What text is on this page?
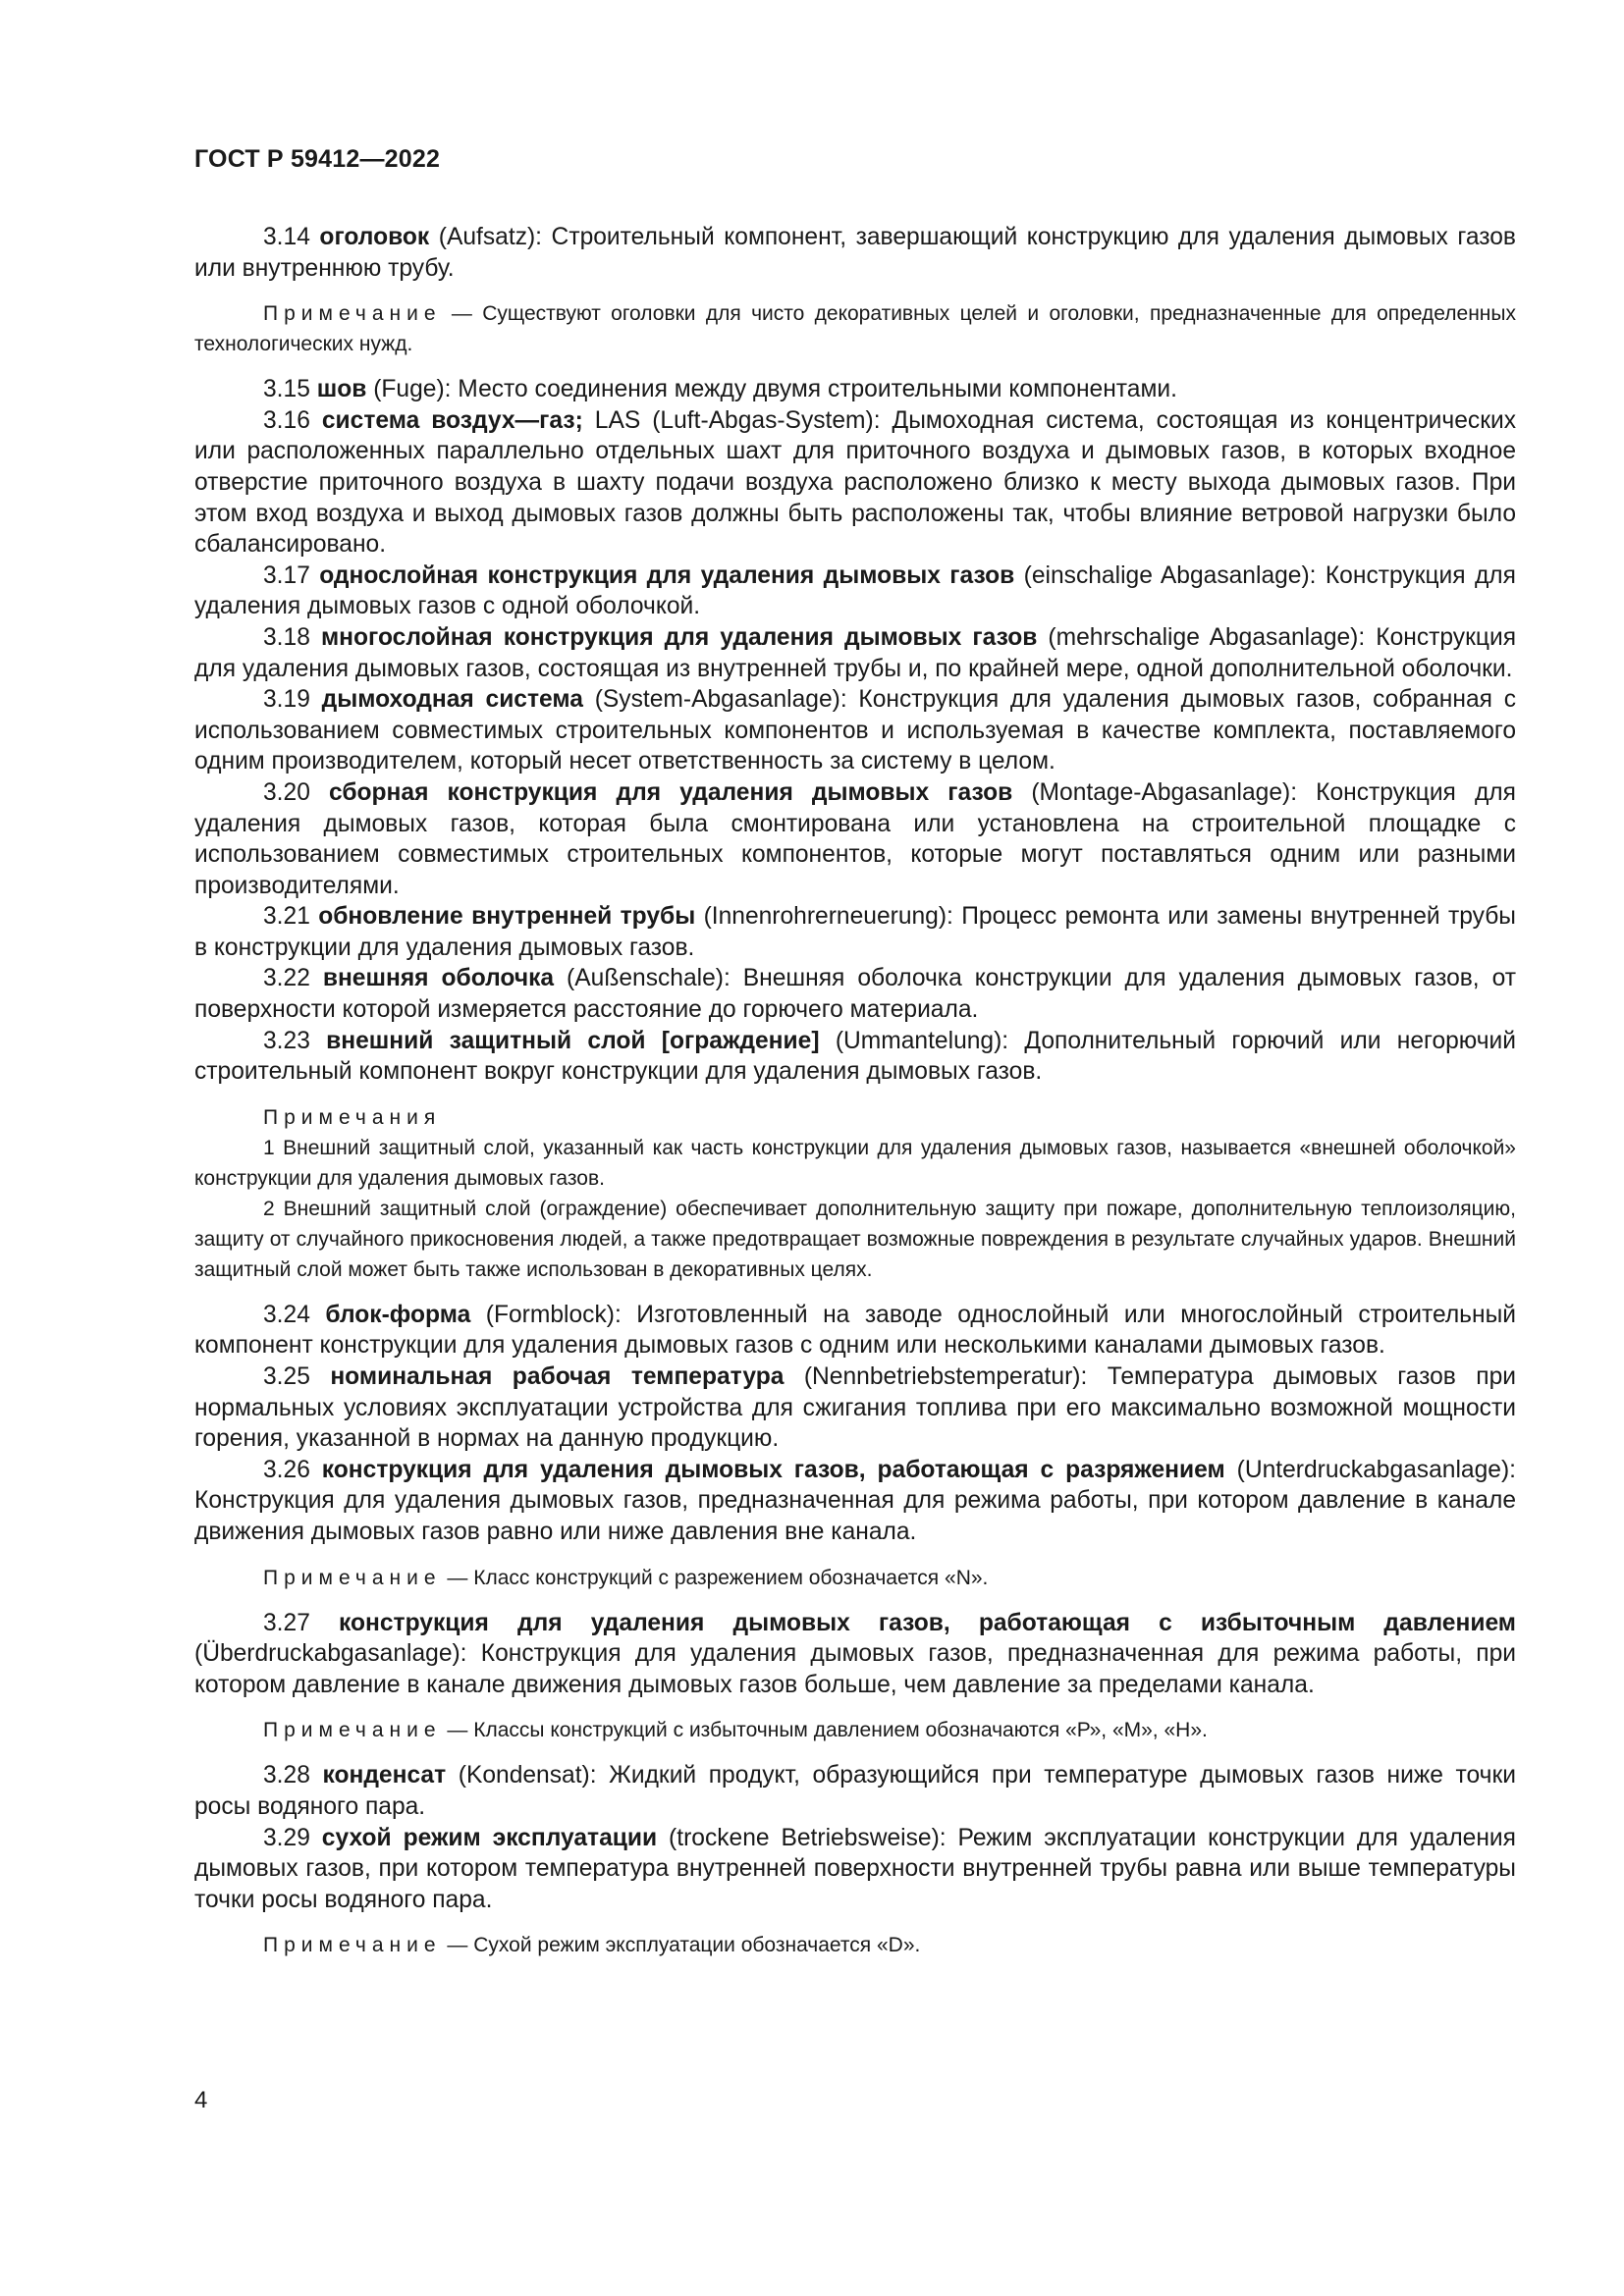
ГОСТ Р 59412—2022

3.14 оголовок (Aufsatz): Строительный компонент, завершающий конструкцию для удаления дымовых газов или внутреннюю трубу.

Примечание — Существуют оголовки для чисто декоративных целей и оголовки, предназначенные для определенных технологических нужд.

3.15 шов (Fuge): Место соединения между двумя строительными компонентами.

3.16 система воздух—газ; LAS (Luft-Abgas-System): Дымоходная система, состоящая из концентрических или расположенных параллельно отдельных шахт для приточного воздуха и дымовых газов, в которых входное отверстие приточного воздуха в шахту подачи воздуха расположено близко к месту выхода дымовых газов. При этом вход воздуха и выход дымовых газов должны быть расположены так, чтобы влияние ветровой нагрузки было сбалансировано.

3.17 однослойная конструкция для удаления дымовых газов (einschalige Abgasanlage): Конструкция для удаления дымовых газов с одной оболочкой.

3.18 многослойная конструкция для удаления дымовых газов (mehrschalige Abgasanlage): Конструкция для удаления дымовых газов, состоящая из внутренней трубы и, по крайней мере, одной дополнительной оболочки.

3.19 дымоходная система (System-Abgasanlage): Конструкция для удаления дымовых газов, собранная с использованием совместимых строительных компонентов и используемая в качестве комплекта, поставляемого одним производителем, который несет ответственность за систему в целом.

3.20 сборная конструкция для удаления дымовых газов (Montage-Abgasanlage): Конструкция для удаления дымовых газов, которая была смонтирована или установлена на строительной площадке с использованием совместимых строительных компонентов, которые могут поставляться одним или разными производителями.

3.21 обновление внутренней трубы (Innenrohrerneuerung): Процесс ремонта или замены внутренней трубы в конструкции для удаления дымовых газов.

3.22 внешняя оболочка (Außenschale): Внешняя оболочка конструкции для удаления дымовых газов, от поверхности которой измеряется расстояние до горючего материала.

3.23 внешний защитный слой [ограждение] (Ummantelung): Дополнительный горючий или негорючий строительный компонент вокруг конструкции для удаления дымовых газов.

Примечания

1 Внешний защитный слой, указанный как часть конструкции для удаления дымовых газов, называется «внешней оболочкой» конструкции для удаления дымовых газов.

2 Внешний защитный слой (ограждение) обеспечивает дополнительную защиту при пожаре, дополнительную теплоизоляцию, защиту от случайного прикосновения людей, а также предотвращает возможные повреждения в результате случайных ударов. Внешний защитный слой может быть также использован в декоративных целях.

3.24 блок-форма (Formblock): Изготовленный на заводе однослойный или многослойный строительный компонент конструкции для удаления дымовых газов с одним или несколькими каналами дымовых газов.

3.25 номинальная рабочая температура (Nennbetriebstemperatur): Температура дымовых газов при нормальных условиях эксплуатации устройства для сжигания топлива при его максимально возможной мощности горения, указанной в нормах на данную продукцию.

3.26 конструкция для удаления дымовых газов, работающая с разряжением (Unterdruckabgasanlage): Конструкция для удаления дымовых газов, предназначенная для режима работы, при котором давление в канале движения дымовых газов равно или ниже давления вне канала.

Примечание — Класс конструкций с разрежением обозначается «N».

3.27 конструкция для удаления дымовых газов, работающая с избыточным давлением (Überdruckabgasanlage): Конструкция для удаления дымовых газов, предназначенная для режима работы, при котором давление в канале движения дымовых газов больше, чем давление за пределами канала.

Примечание — Классы конструкций с избыточным давлением обозначаются «Р», «М», «Н».

3.28 конденсат (Kondensat): Жидкий продукт, образующийся при температуре дымовых газов ниже точки росы водяного пара.

3.29 сухой режим эксплуатации (trockene Betriebsweise): Режим эксплуатации конструкции для удаления дымовых газов, при котором температура внутренней поверхности внутренней трубы равна или выше температуры точки росы водяного пара.

Примечание — Сухой режим эксплуатации обозначается «D».

4
